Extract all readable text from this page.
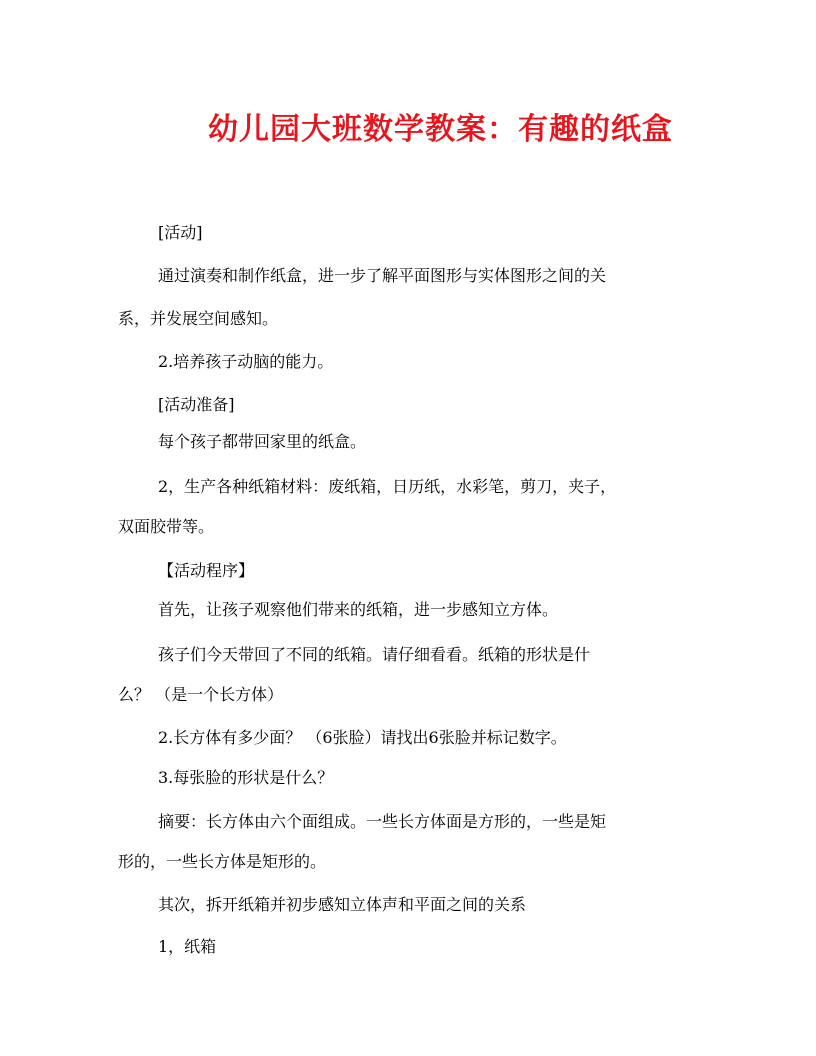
幼儿园大班数学教案：有趣的纸盒
[活动]
通过演奏和制作纸盒，进一步了解平面图形与实体图形之间的关
系，并发展空间感知。
2.培养孩子动脑的能力。
[活动准备]
每个孩子都带回家里的纸盒。
2，生产各种纸箱材料：废纸箱，日历纸，水彩笔，剪刀，夹子，
双面胶带等。
【活动程序】
首先，让孩子观察他们带来的纸箱，进一步感知立方体。
孩子们今天带回了不同的纸箱。请仔细看看。纸箱的形状是什
么？ （是一个长方体）
2.长方体有多少面？ （6张脸）请找出6张脸并标记数字。
3.每张脸的形状是什么？
摘要：长方体由六个面组成。一些长方体面是方形的，一些是矩
形的，一些长方体是矩形的。
其次，拆开纸箱并初步感知立体声和平面之间的关系
1，纸箱
